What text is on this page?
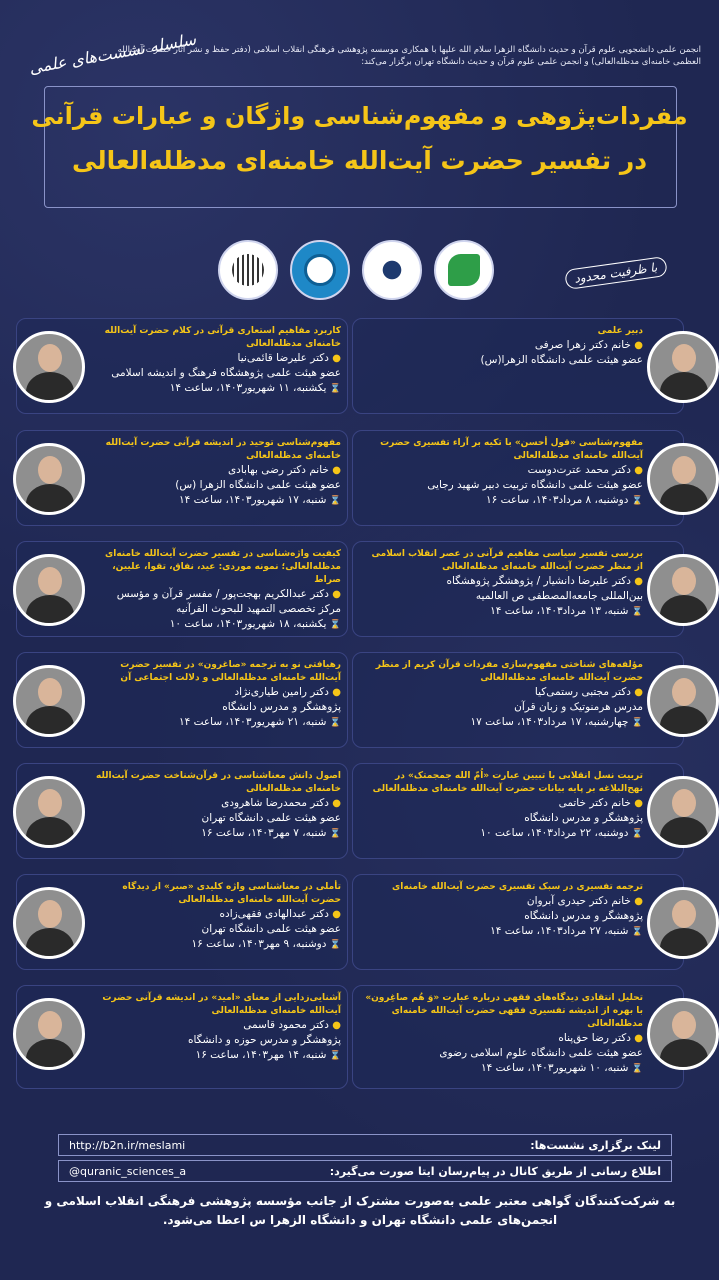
سلسله نشست‌های علمی
انجمن علمی دانشجویی علوم قرآن و حدیث دانشگاه الزهرا سلام الله علیها با همکاری موسسه پژوهشی فرهنگی انقلاب اسلامی (دفتر حفظ و نشر آثار حضرت آیت‌الله العظمی خامنه‌ای مدظله‌العالی) و انجمن علمی علوم قرآن و حدیث دانشگاه تهران برگزار می‌کند:
مفردات‌پژوهی و مفهوم‌شناسی واژگان و عبارات قرآنی
در تفسیر حضرت آیت‌الله خامنه‌ای مدظله‌العالی
با ظرفیت محدود
دبیر علمی
● خانم دکتر زهرا صرفی
عضو هیئت علمی دانشگاه الزهرا(س)
مفهوم‌شناسی «قول أحسن» با تکیه بر آراء تفسیری حضرت آیت‌الله خامنه‌ای مدظله‌العالی
● دکتر محمد عترت‌دوست
عضو هیئت علمی دانشگاه تربیت دبیر شهید رجایی
⌛ دوشنبه، ۸ مرداد۱۴۰۳، ساعت ۱۶
بررسی تفسیر سیاسی مفاهیم قرآنی در عصر انقلاب اسلامی از منظر حضرت آیت‌الله خامنه‌ای مدظله‌العالی
● دکتر علیرضا دانشیار / پژوهشگر پژوهشگاه
بین‌المللی جامعه‌المصطفی ص العالمیه
⌛ شنبه، ۱۳ مرداد۱۴۰۳، ساعت ۱۴
مؤلفه‌های شناختی مفهوم‌سازی مفردات قرآن کریم از منظر حضرت آیت‌الله خامنه‌ای مدظله‌العالی
● دکتر مجتبی رستمی‌کیا
مدرس هرمنوتیک و زبان قرآن
⌛ چهارشنبه، ۱۷ مرداد۱۴۰۳، ساعت ۱۷
تربیت نسل انقلابی با تبیین عبارت «اُمّ الله جمجمتک» در نهج‌البلاغه بر پایه بیانات حضرت آیت‌الله خامنه‌ای مدظله‌العالی
● خانم دکتر خاتمی
پژوهشگر و مدرس دانشگاه
⌛ دوشنبه، ۲۲ مرداد۱۴۰۳، ساعت ۱۰
ترجمه تفسیری در سبک تفسیری حضرت آیت‌الله خامنه‌ای
● خانم دکتر حیدری آبروان
پژوهشگر و مدرس دانشگاه
⌛ شنبه، ۲۷ مرداد۱۴۰۳، ساعت ۱۴
تحلیل انتقادی دیدگاه‌های فقهی درباره عبارت «وَ هُم صاغِرون» با بهره از اندیشه تفسیری فقهی حضرت آیت‌الله خامنه‌ای مدظله‌العالی
● دکتر رضا حق‌پناه
عضو هیئت علمی دانشگاه علوم اسلامی رضوی
⌛ شنبه، ۱۰ شهریور۱۴۰۳، ساعت ۱۴
کاربرد مفاهیم استعاری قرآنی در کلام حضرت آیت‌الله خامنه‌ای مدظله‌العالی
● دکتر علیرضا قائمی‌نیا
عضو هیئت علمی پژوهشگاه فرهنگ و اندیشه اسلامی
⌛ یکشنبه، ۱۱ شهریور۱۴۰۳، ساعت ۱۴
مفهوم‌شناسی توحید در اندیشه قرآنی حضرت آیت‌الله خامنه‌ای مدظله‌العالی
● خانم دکتر رضی بهابادی
عضو هیئت علمی دانشگاه الزهرا (س)
⌛ شنبه، ۱۷ شهریور۱۴۰۳، ساعت ۱۴
کیفیت واژه‌شناسی در تفسیر حضرت آیت‌الله خامنه‌ای مدظله‌العالی؛ نمونه موردی: عید، نفاق، تقوا، علیین، صراط
● دکتر عبدالکریم بهجت‌پور / مفسر قرآن و مؤسس
مرکز تخصصی التمهید للبحوث القرآنیه
⌛ یکشنبه، ۱۸ شهریور۱۴۰۳، ساعت ۱۰
رهیافتی نو به ترجمه «صاغرون» در تفسیر حضرت آیت‌الله خامنه‌ای مدظله‌العالی و دلالت اجتماعی آن
● دکتر رامین طیاری‌نژاد
پژوهشگر و مدرس دانشگاه
⌛ شنبه، ۲۱ شهریور۱۴۰۳، ساعت ۱۴
اصول دانش معناشناسی در قرآن‌شناخت حضرت آیت‌الله خامنه‌ای مدظله‌العالی
● دکتر محمدرضا شاهرودی
عضو هیئت علمی دانشگاه تهران
⌛ شنبه، ۷ مهر۱۴۰۳، ساعت ۱۶
تأملی در معناشناسی واژه کلیدی «صبر» از دیدگاه حضرت آیت‌الله خامنه‌ای مدظله‌العالی
● دکتر عبدالهادی فقهی‌زاده
عضو هیئت علمی دانشگاه تهران
⌛ دوشنبه، ۹ مهر۱۴۰۳، ساعت ۱۶
آشنایی‌زدایی از معنای «امید» در اندیشه قرآنی حضرت آیت‌الله خامنه‌ای مدظله‌العالی
● دکتر محمود قاسمی
پژوهشگر و مدرس حوزه و دانشگاه
⌛ شنبه، ۱۴ مهر۱۴۰۳، ساعت ۱۶
لینک برگزاری نشست‌ها:
http://b2n.ir/meslami
اطلاع رسانی از طریق کانال در پیام‌رسان ایتا صورت می‌گیرد:
@quranic_sciences_a
به شرکت‌کنندگان گواهی معتبر علمی به‌صورت مشترک از جانب مؤسسه پژوهشی فرهنگی انقلاب اسلامی و انجمن‌های علمی دانشگاه تهران و دانشگاه الزهرا س اعطا می‌شود.
